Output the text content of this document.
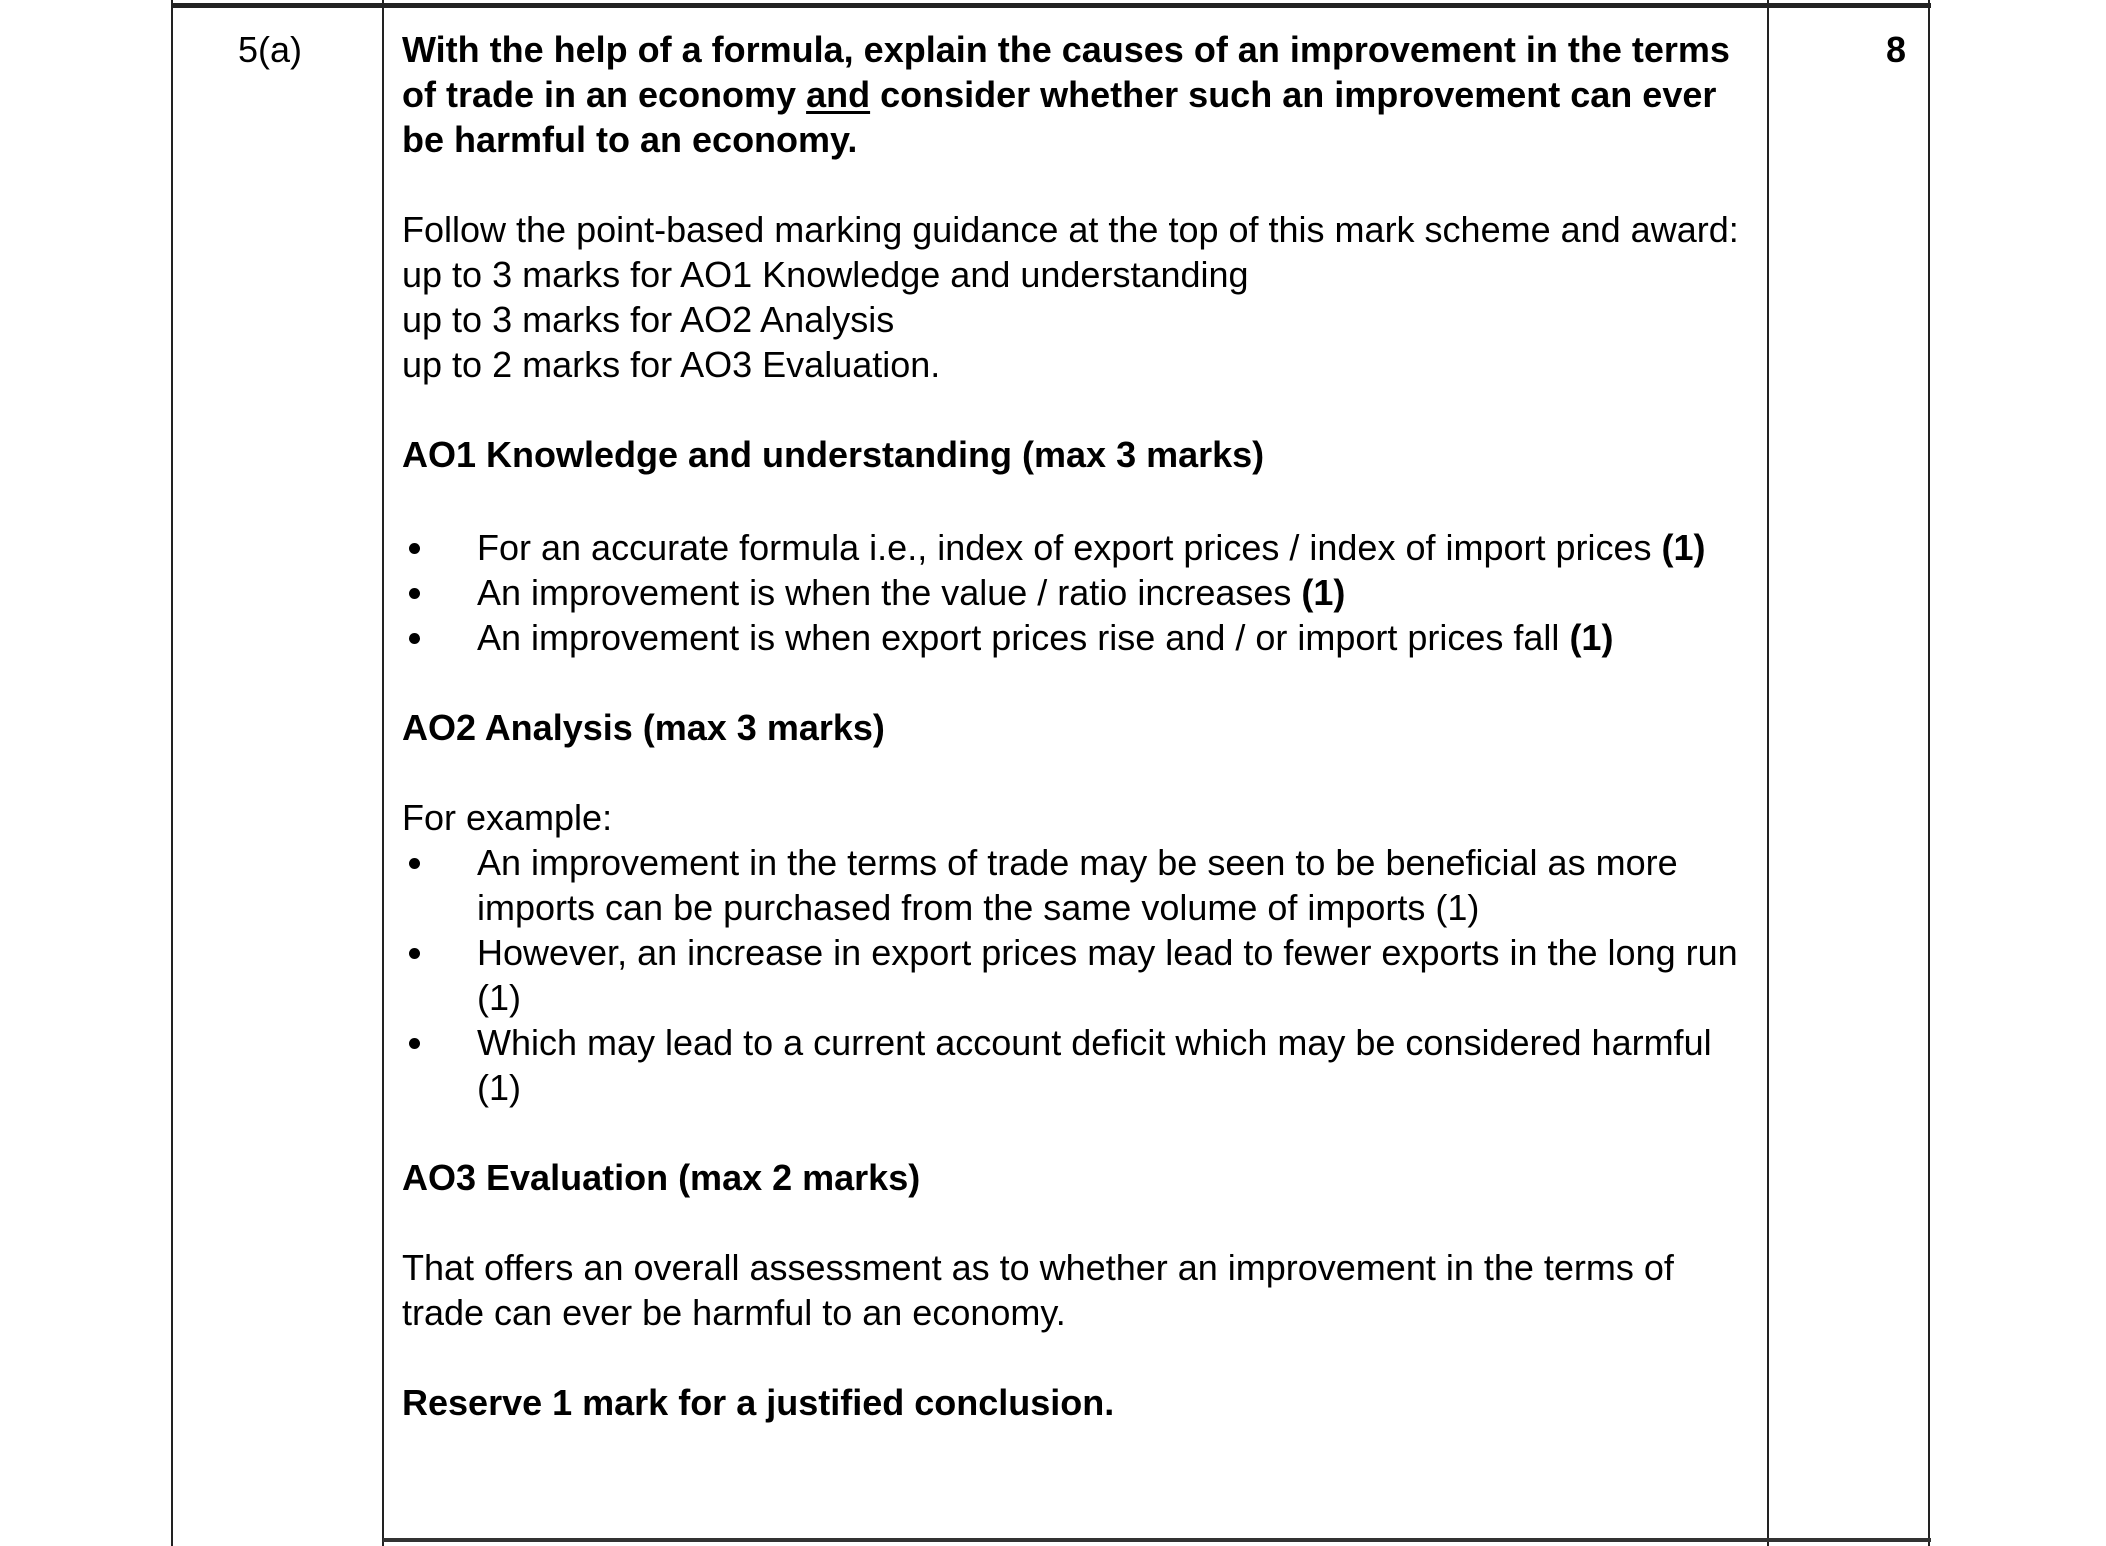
5(a)	8

With the help of a formula, explain the causes of an improvement in the terms of trade in an economy and consider whether such an improvement can ever be harmful to an economy.

Follow the point-based marking guidance at the top of this mark scheme and award:

up to 3 marks for AO1 Knowledge and understanding

up to 3 marks for AO2 Analysis

up to 2 marks for AO3 Evaluation.

AO1 Knowledge and understanding (max 3 marks)

For an accurate formula i.e., index of export prices / index of import prices (1)
An improvement is when the value / ratio increases (1)
An improvement is when export prices rise and / or import prices fall (1)

AO2 Analysis (max 3 marks)

For example:

An improvement in the terms of trade may be seen to be beneficial as more imports can be purchased from the same volume of imports (1)
However, an increase in export prices may lead to fewer exports in the long run (1)
Which may lead to a current account deficit which may be considered harmful (1)

AO3 Evaluation (max 2 marks)

That offers an overall assessment as to whether an improvement in the terms of trade can ever be harmful to an economy.

Reserve 1 mark for a justified conclusion.
